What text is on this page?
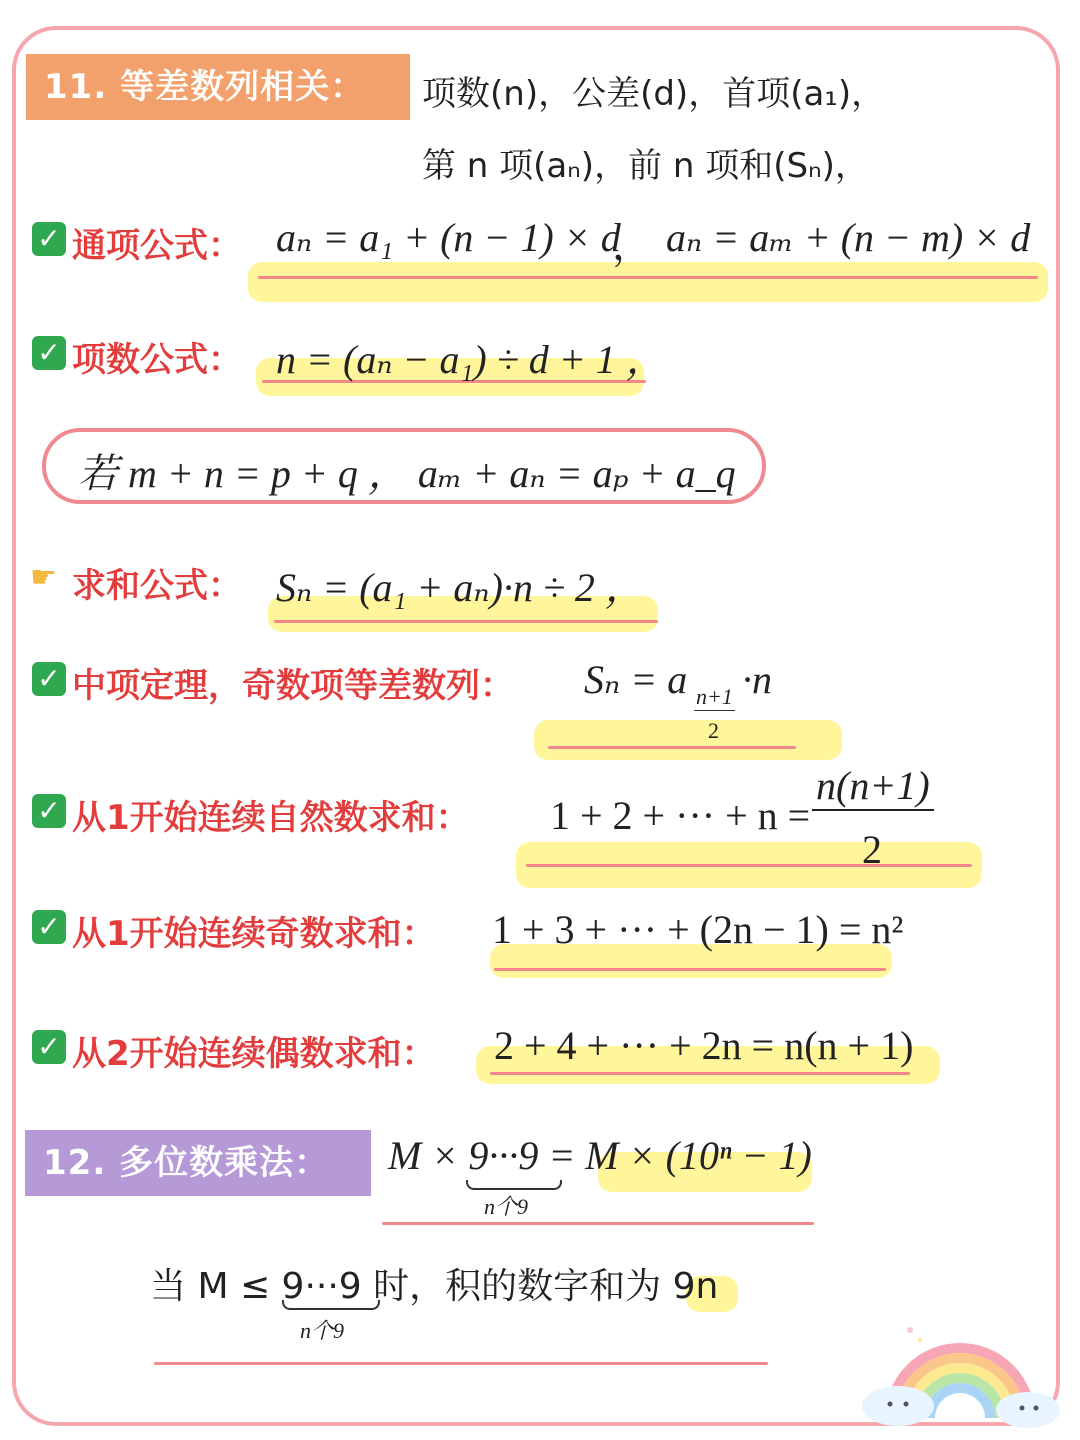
11. 等差数列相关：	项数(n)，公差(d)，首项(a₁)，
第 n 项(aₙ)，前 n 项和(Sₙ)，
✓ 通项公式： aₙ = a₁ + (n − 1) × d
， aₙ = aₘ + (n − m) × d
✓ 项数公式： n = (aₙ − a₁) ÷ d + 1 ，
若 m + n = p + q ， aₘ + aₙ = aₚ + a_q
☛ 求和公式： Sₙ = (a₁ + aₙ)·n ÷ 2 ，
✓ 中项定理，奇数项等差数列： Sₙ = a n+1
2
·n
✓ 从1开始连续自然数求和： 1 + 2 + ··· + n =
n(n+1)
2
✓ 从1开始连续奇数求和： 1 + 3 + ··· + (2n − 1) = n²
✓ 从2开始连续偶数求和： 2 + 4 + ··· + 2n = n(n + 1)
12. 多位数乘法：	M × 9···9 = M × (10ⁿ − 1)
n个9
当 M ≤ 9···9 时，积的数字和为 9n
n个9
